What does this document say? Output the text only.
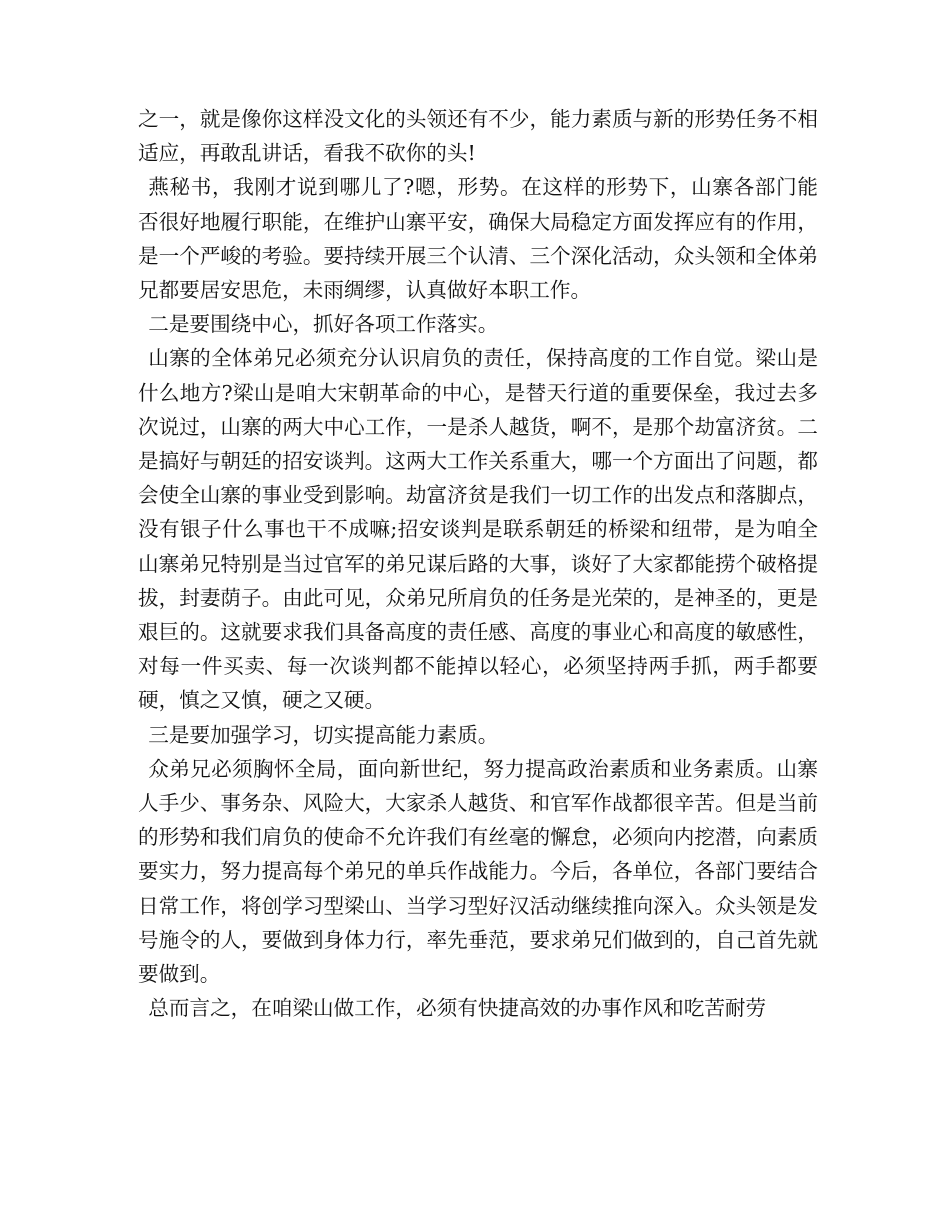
之一，就是像你这样没文化的头领还有不少，能力素质与新的形势任务不相适应，再敢乱讲话，看我不砍你的头!

燕秘书，我刚才说到哪儿了?嗯，形势。在这样的形势下，山寨各部门能否很好地履行职能，在维护山寨平安，确保大局稳定方面发挥应有的作用，是一个严峻的考验。要持续开展三个认清、三个深化活动，众头领和全体弟兄都要居安思危，未雨绸缪，认真做好本职工作。

二是要围绕中心，抓好各项工作落实。

山寨的全体弟兄必须充分认识肩负的责任，保持高度的工作自觉。梁山是什么地方?梁山是咱大宋朝革命的中心，是替天行道的重要保垒，我过去多次说过，山寨的两大中心工作，一是杀人越货，啊不，是那个劫富济贫。二是搞好与朝廷的招安谈判。这两大工作关系重大，哪一个方面出了问题，都会使全山寨的事业受到影响。劫富济贫是我们一切工作的出发点和落脚点，没有银子什么事也干不成嘛;招安谈判是联系朝廷的桥梁和纽带，是为咱全山寨弟兄特别是当过官军的弟兄谋后路的大事，谈好了大家都能捞个破格提拔，封妻荫子。由此可见，众弟兄所肩负的任务是光荣的，是神圣的，更是艰巨的。这就要求我们具备高度的责任感、高度的事业心和高度的敏感性，对每一件买卖、每一次谈判都不能掉以轻心，必须坚持两手抓，两手都要硬，慎之又慎，硬之又硬。

三是要加强学习，切实提高能力素质。

众弟兄必须胸怀全局，面向新世纪，努力提高政治素质和业务素质。山寨人手少、事务杂、风险大，大家杀人越货、和官军作战都很辛苦。但是当前的形势和我们肩负的使命不允许我们有丝毫的懈怠，必须向内挖潜，向素质要实力，努力提高每个弟兄的单兵作战能力。今后，各单位，各部门要结合日常工作，将创学习型梁山、当学习型好汉活动继续推向深入。众头领是发号施令的人，要做到身体力行，率先垂范，要求弟兄们做到的，自己首先就要做到。

总而言之，在咱梁山做工作，必须有快捷高效的办事作风和吃苦耐劳
